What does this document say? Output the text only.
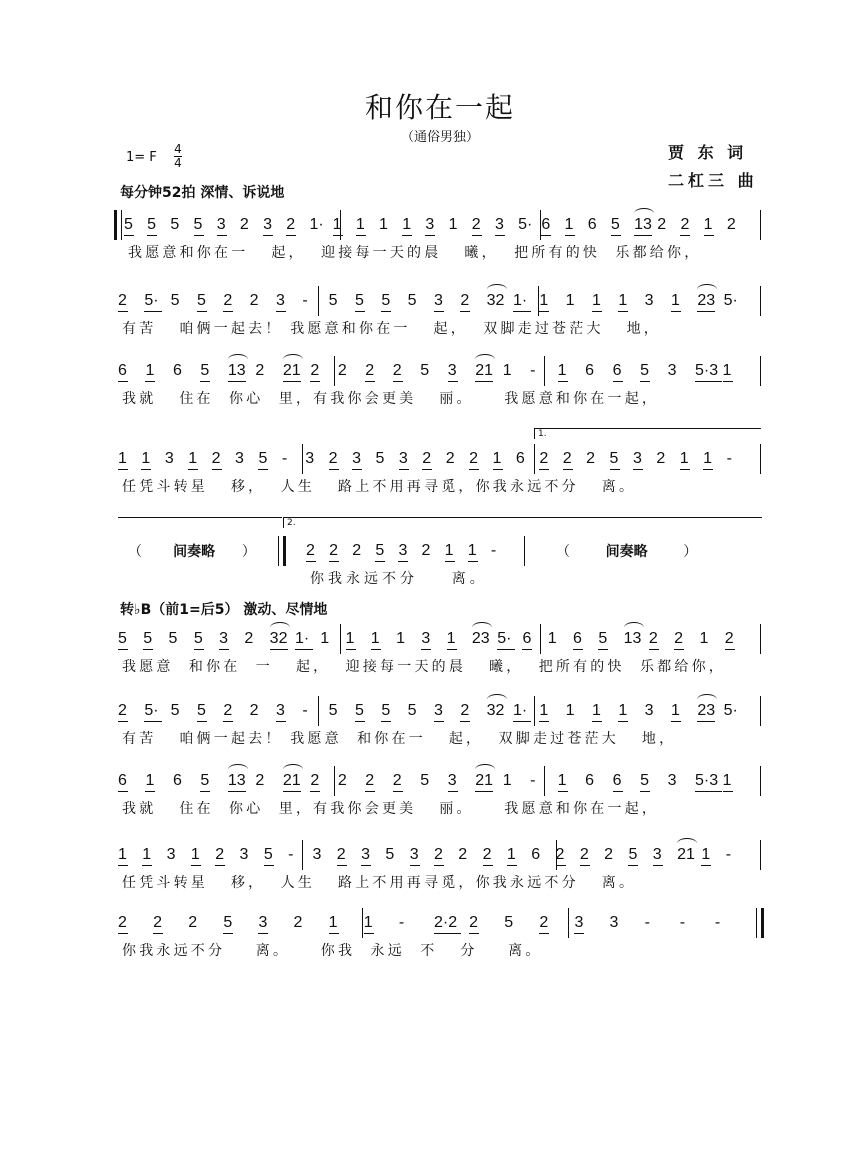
和你在一起
（通俗男独）
贾 东 词
二杠三 曲
1= F
4
4
每分钟52拍 深情、诉说地
5 5 5 5 3 2 3 2 1· 1 1 1 1 3 1 2 3 5· 6 1 6 5 13 2 2 1 2
我愿意和你在一   起，  迎接每一天的晨   曦，  把所有的快  乐都给你，
2 5· 5 5 2 2 3 - 5 5 5 5 3 2 32 1· 1 1 1 1 3 1 23 5·
有苦   咱俩一起去！ 我愿意和你在一   起，  双脚走过苍茫大   地，
6 1 6 5 13 2 21 2 2 2 2 5 3 21 1 - 1 6 6 5 3 5·3 1
我就   住在  你心  里，有我你会更美   丽。    我愿意和你在一起，
1 1 3 1 2 3 5 - 3 2 3 5 3 2 2 2 1 6 2 2 2 5 3 2 1 1 -
任凭斗转星   移，  人生   路上不用再寻觅，你我永远不分   离。
2 2 2 5 3 2 1 1 -
你我永远不分    离。
5 5 5 5 3 2 32 1· 1 1 1 1 3 1 23 5· 6 1 6 5 13 2 2 1 2
我愿意  和你在  一   起，  迎接每一天的晨   曦，  把所有的快  乐都给你，
2 5· 5 5 2 2 3 - 5 5 5 5 3 2 32 1· 1 1 1 1 3 1 23 5·
有苦   咱俩一起去！ 我愿意  和你在一   起，  双脚走过苍茫大   地，
6 1 6 5 13 2 21 2 2 2 2 5 3 21 1 - 1 6 6 5 3 5·3 1
我就   住在  你心  里，有我你会更美   丽。    我愿意和你在一起，
1 1 3 1 2 3 5 - 3 2 3 5 3 2 2 2 1 6 2 2 2 5 3 21 1 -
任凭斗转星   移，  人生   路上不用再寻觅，你我永远不分   离。
2 2 2 5 3 2 1 1 - 2·2 2 5 2 3 3 - - -
你我永远不分    离。    你我  永远  不   分    离。
转♭B（前1=后5） 激动、尽情地
1.
2.
（       间奏略      ）	（        间奏略        ）
